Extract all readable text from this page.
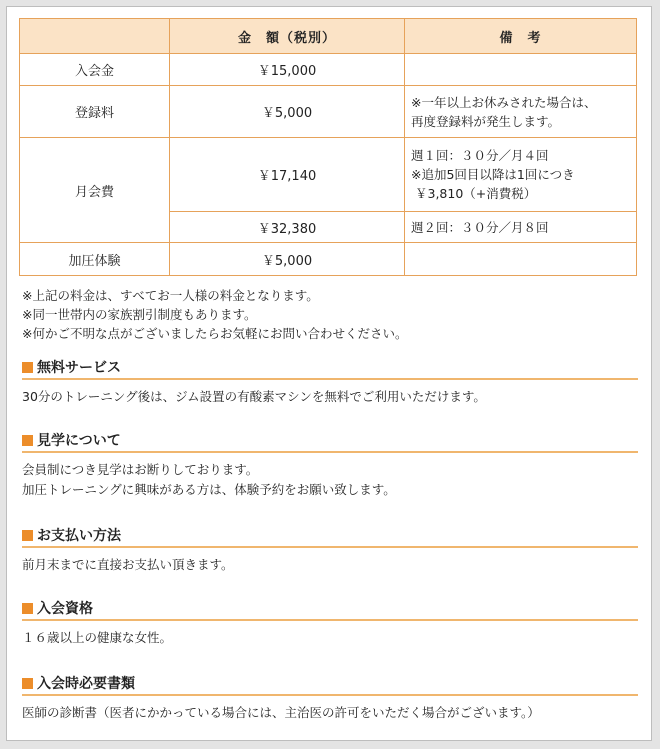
	金　額（税別）	備　考
入会金	￥15,000	
登録料	￥5,000	※一年以上お休みされた場合は、
再度登録料が発生します。

月会費	￥17,140	週１回：３０分／月４回
※追加5回目以降は1回につき
￥3,810（+消費税）

	￥32,380	週２回：３０分／月８回
加圧体験	￥5,000	
※上記の料金は、すべてお一人様の料金となります。
※同一世帯内の家族割引制度もあります。
※何かご不明な点がございましたらお気軽にお問い合わせください。
無料サービス
30分のトレーニング後は、ジム設置の有酸素マシンを無料でご利用いただけます。
見学について
会員制につき見学はお断りしております。
加圧トレーニングに興味がある方は、体験予約をお願い致します。
お支払い方法
前月末までに直接お支払い頂きます。
入会資格
１６歳以上の健康な女性。
入会時必要書類
医師の診断書（医者にかかっている場合には、主治医の許可をいただく場合がございます。）
